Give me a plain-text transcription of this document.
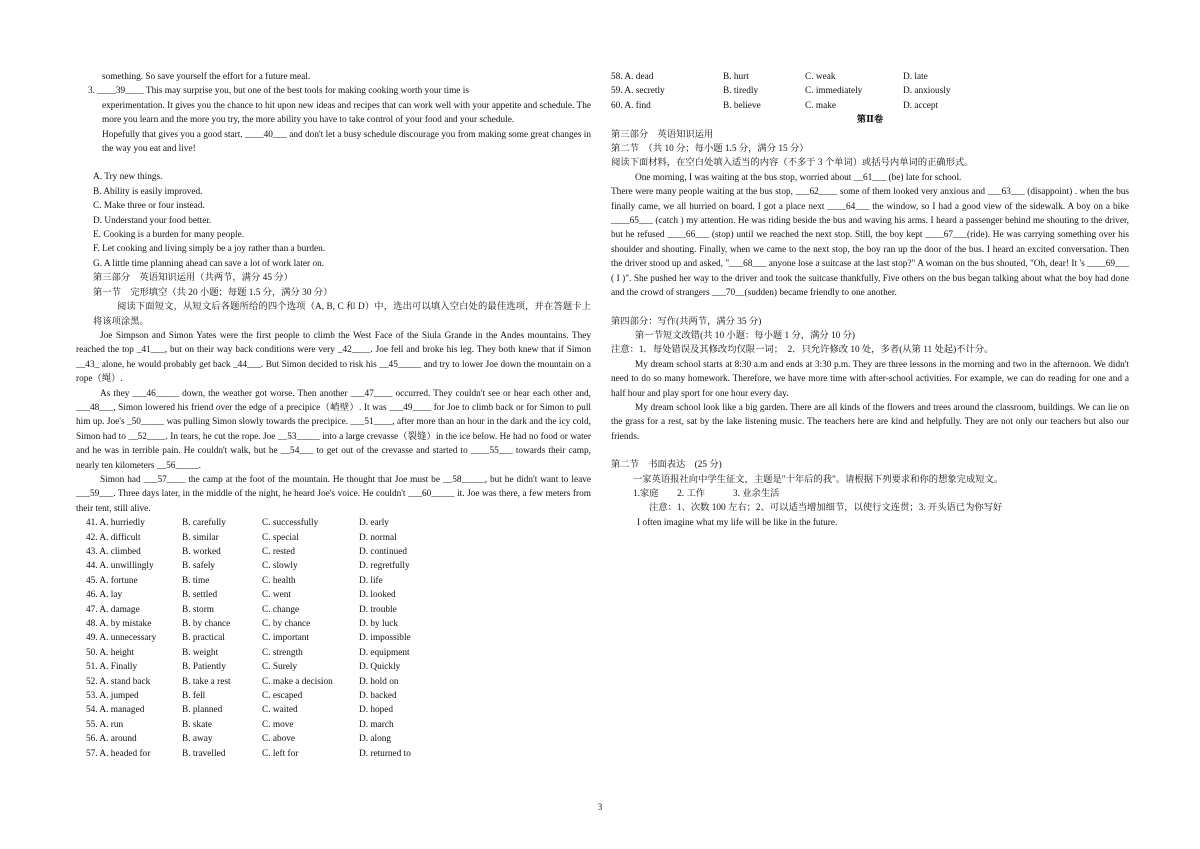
something. So save yourself the effort for a future meal.
3. ____39____ This may surprise you, but one of the best tools for making cooking worth your time is
experimentation. It gives you the chance to hit upon new ideas and recipes that can work well with your appetite and schedule. The more you learn and the more you try, the more ability you have to take control of your food and your schedule.
Hopefully that gives you a good start. ____40___ and don't let a busy schedule discourage you from making some great changes in the way you eat and live!
A. Try new things.
B. Ability is easily improved.
C. Make three or four instead.
D. Understand your food better.
E. Cooking is a burden for many people.
F. Let cooking and living simply be a joy rather than a burden.
G. A little time planning ahead can save a lot of work later on.
第三部分　英语知识运用（共两节，满分 45 分）
第一节　完形填空（共 20 小题；每题 1.5 分，满分 30 分）
阅读下面短文，从短文后各题所给的四个选项（A, B, C 和 D）中，选出可以填入空白处的最佳选项，并在答题卡上将该项涂黑。
Joe Simpson and Simon Yates were the first people to climb the West Face of the Siula Grande in the Andes mountains. They reached the top _41___, but on their way back conditions were very _42____. Joe fell and broke his leg. They both knew that if Simon __43_ alone, he would probably get back _44___. But Simon decided to risk his __45_____ and try to lower Joe down the mountain on a rope（绳）.
As they ___46_____ down, the weather got worse. Then another ___47____ occurred. They couldn't see or hear each other and, ___48___, Simon lowered his friend over the edge of a precipice（峭壁）. It was ___49____ for Joe to climb back or for Simon to pull him up. Joe's _50_____ was pulling Simon slowly towards the precipice. ___51____, after more than an hour in the dark and the icy cold, Simon had to __52____. In tears, he cut the rope. Joe __53_____ into a large crevasse（裂缝）in the ice below. He had no food or water and he was in terrible pain. He couldn't walk, but he __54___ to get out of the crevasse and started to ____55___ towards their camp, nearly ten kilometers __56_____.
Simon had ___57____ the camp at the foot of the mountain. He thought that Joe must be __58_____, but he didn't want to leave ___59___. Three days later, in the middle of the night, he heard Joe's voice. He couldn't ___60_____ it. Joe was there, a few meters from their tent, still alive.
41. A. hurriedly	B. carefully	C. successfully	D. early
42. A. difficult	B. similar	C. special	D. normal
43. A. climbed	B. worked	C. rested	D. continued
44. A. unwillingly	B. safely	C. slowly	D. regretfully
45. A. fortune	B. time	C. health	D. life
46. A. lay	B. settled	C. went	D. looked
47. A. damage	B. storm	C. change	D. trouble
48. A. by mistake	B. by chance	C. by chance	D. by luck
49. A. unnecessary	B. practical	C. important	D. impossible
50. A. height	B. weight	C. strength	D. equipment
51. A. Finally	B. Patiently	C. Surely	D. Quickly
52. A. stand back	B. take a rest	C. make a decision	D. hold on
53. A. jumped	B. fell	C. escaped	D. backed
54. A. managed	B. planned	C. waited	D. hoped
55. A. run	B. skate	C. move	D. march
56. A. around	B. away	C. above	D. along
57. A. headed for	B. travelled	C. left for	D. returned to
58. A. dead	B. hurt	C. weak	D. late
59. A. secretly	B. tiredly	C. immediately	D. anxiously
60. A. find	B. believe	C. make	D. accept
第Ⅱ卷
第三部分　英语知识运用
第二节　（共 10 分；每小题 1.5 分，满分 15 分）
阅读下面材料，在空白处填入适当的内容（不多于 3 个单词）或括号内单词的正确形式。
One morning, I was waiting at the bus stop, worried about __61___ (be) late for school.
There were many people waiting at the bus stop, ___62____ some of them looked very anxious and ___63___ (disappoint) . when the bus finally came, we all hurried on board. I got a place next ____64___ the window, so I had a good view of the sidewalk. A boy on a bike ____65___ (catch ) my attention. He was riding beside the bus and waving his arms. I heard a passenger behind me shouting to the driver, but he refused ____66___ (stop) until we reached the next stop. Still, the boy kept ____67___(ride). He was carrying something over his shoulder and shouting. Finally, when we came to the next stop, the boy ran up the door of the bus. I heard an excited conversation. Then the driver stood up and asked, "___68___ anyone lose a suitcase at the last stop?" A woman on the bus shouted, "Oh, dear! It 's ____69___ ( I )". She pushed her way to the driver and took the suitcase thankfully, Five others on the bus began talking about what the boy had done and the crowd of strangers ___70__(sudden) became friendly to one another.
第四部分：写作(共两节，满分 35 分)
第一节短文改错(共 10 小题：每小题 1 分，满分 10 分)
注意：1．每处错误及其修改均仅限一词；　2．只允许修改 10 处，多者(从第 11 处起)不计分。
My dream school starts at 8:30 a.m and ends at 3:30 p.m. They are three lessons in the morning and two in the afternoon. We didn't need to do so many homework. Therefore, we have more time with after-school activities. For example, we can do reading for one and a half hour and play sport for one hour every day.
My dream school look like a big garden. There are all kinds of the flowers and trees around the classroom, buildings. We can lie on the grass for a rest, sat by the lake listening music. The teachers here are kind and helpfully. They are not only our teachers but also our friends.
第二节　书面表达　(25 分)
一家英语报社向中学生征文，主题是"十年后的我"。请根据下列要求和你的想象完成短文。
1.家庭　　2. 工作　　　3. 业余生活
注意：1、次数 100 左右；2、可以适当增加细节，以使行文连贯；3. 开头语已为你写好
I often imagine what my life will be like in the future.
3
